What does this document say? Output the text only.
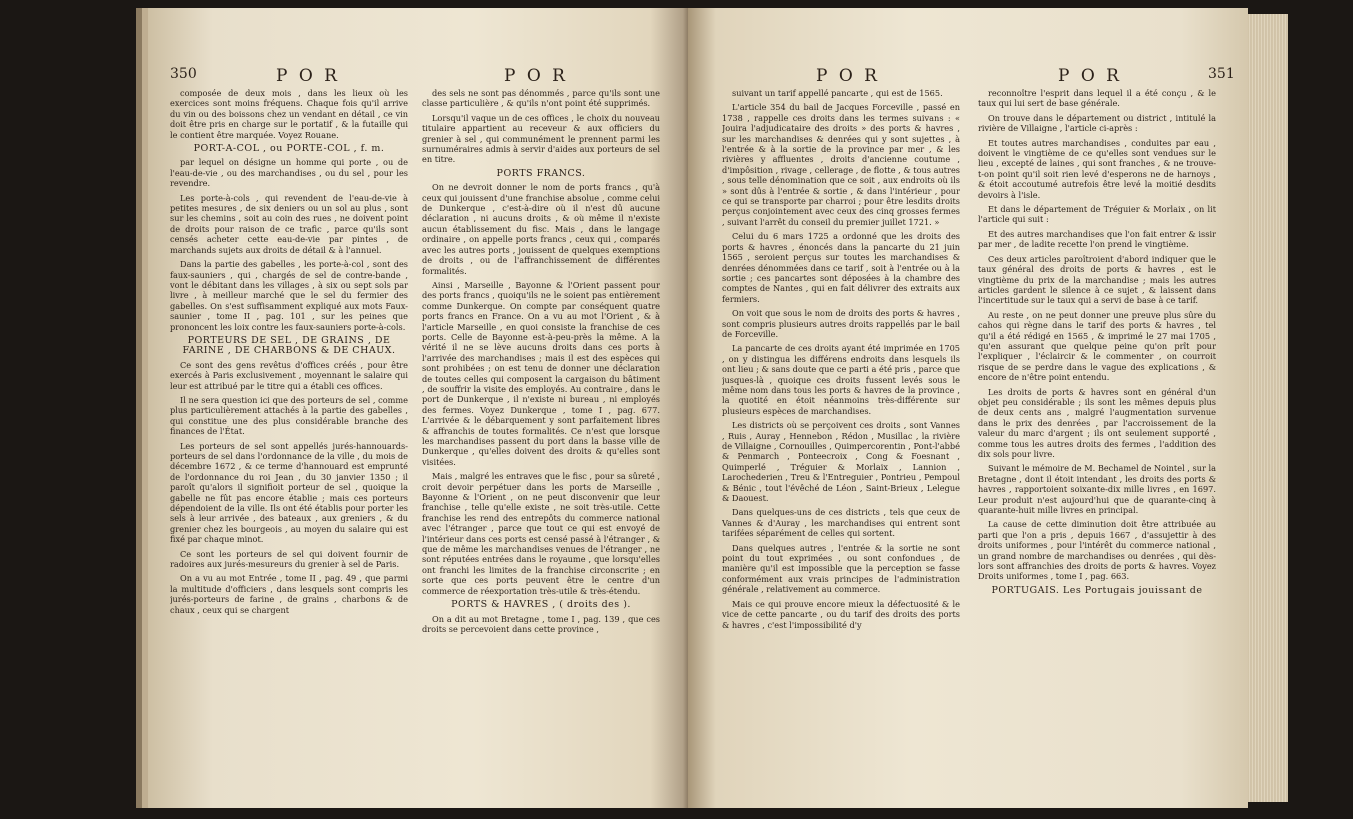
350	P O R	P O R

composée de deux mois , dans les lieux où les exercices sont moins fréquens. Chaque fois qu'il arrive du vin ou des boissons chez un vendant en détail , ce vin doit être pris en charge sur le portatif , & la futaille qui le contient être marquée. Voyez Rouane.

PORT-A-COL , ou PORTE-COL , f. m.

par lequel on désigne un homme qui porte , ou de l'eau-de-vie , ou des marchandises , ou du sel , pour les revendre.

Les porte-à-cols , qui revendent de l'eau-de-vie à petites mesures , de six deniers ou un sol au plus , sont sur les chemins , soit au coin des rues , ne doivent point de droits pour raison de ce trafic , parce qu'ils sont censés acheter cette eau-de-vie par pintes , de marchands sujets aux droits de détail & à l'annuel.

Dans la partie des gabelles , les porte-à-col , sont des faux-sauniers , qui , chargés de sel de contre-bande , vont le débitant dans les villages , à six ou sept sols par livre , à meilleur marché que le sel du fermier des gabelles. On s'est suffisamment expliqué aux mots Faux-saunier , tome II , pag. 101 , sur les peines que prononcent les loix contre les faux-sauniers porte-à-cols.

PORTEURS DE SEL , DE GRAINS , DE FARINE , DE CHARBONS & DE CHAUX.

Ce sont des gens revêtus d'offices créés , pour être exercés à Paris exclusivement , moyennant le salaire qui leur est attribué par le titre qui a établi ces offices.

Il ne sera question ici que des porteurs de sel , comme plus particulièrement attachés à la partie des gabelles , qui constitue une des plus considérable branche des finances de l'État.

Les porteurs de sel sont appellés jurés-hannouards-porteurs de sel dans l'ordonnance de la ville , du mois de décembre 1672 , & ce terme d'hannouard est emprunté de l'ordonnance du roi Jean , du 30 janvier 1350 ; il paroît qu'alors il signifioit porteur de sel , quoique la gabelle ne fût pas encore établie ; mais ces porteurs dépendoient de la ville. Ils ont été établis pour porter les sels à leur arrivée , des bateaux , aux greniers , & du grenier chez les bourgeois , au moyen du salaire qui est fixé par chaque minot.

Ce sont les porteurs de sel qui doivent fournir de radoires aux jurés-mesureurs du grenier à sel de Paris.

On a vu au mot Entrée , tome II , pag. 49 , que parmi la multitude d'officiers , dans lesquels sont compris les jurés-porteurs de farine , de grains , charbons & de chaux , ceux qui se chargent

des sels ne sont pas dénommés , parce qu'ils sont une classe particulière , & qu'ils n'ont point été supprimés.

Lorsqu'il vaque un de ces offices , le choix du nouveau titulaire appartient au receveur & aux officiers du grenier à sel , qui communément le prennent parmi les surnuméraires admis à servir d'aides aux porteurs de sel en titre.

PORTS FRANCS.

On ne devroit donner le nom de ports francs , qu'à ceux qui jouissent d'une franchise absolue , comme celui de Dunkerque , c'est-à-dire où il n'est dû aucune déclaration , ni aucuns droits , & où même il n'existe aucun établissement du fisc. Mais , dans le langage ordinaire , on appelle ports francs , ceux qui , comparés avec les autres ports , jouissent de quelques exemptions de droits , ou de l'affranchissement de différentes formalités.

Ainsi , Marseille , Bayonne & l'Orient passent pour des ports francs , quoiqu'ils ne le soient pas entièrement comme Dunkerque. On compte par conséquent quatre ports francs en France. On a vu au mot l'Orient , & à l'article Marseille , en quoi consiste la franchise de ces ports. Celle de Bayonne est-à-peu-près la même. A la vérité il ne se lève aucuns droits dans ces ports à l'arrivée des marchandises ; mais il est des espèces qui sont prohibées ; on est tenu de donner une déclaration de toutes celles qui composent la cargaison du bâtiment , de souffrir la visite des employés. Au contraire , dans le port de Dunkerque , il n'existe ni bureau , ni employés des fermes. Voyez Dunkerque , tome I , pag. 677. L'arrivée & le débarquement y sont parfaitement libres & affranchis de toutes formalités. Ce n'est que lorsque les marchandises passent du port dans la basse ville de Dunkerque , qu'elles doivent des droits & qu'elles sont visitées.

Mais , malgré les entraves que le fisc , pour sa sûreté , croit devoir perpétuer dans les ports de Marseille , Bayonne & l'Orient , on ne peut disconvenir que leur franchise , telle qu'elle existe , ne soit très-utile. Cette franchise les rend des entrepôts du commerce national avec l'étranger , parce que tout ce qui est envoyé de l'intérieur dans ces ports est censé passé à l'étranger , & que de même les marchandises venues de l'étranger , ne sont réputées entrées dans le royaume , que lorsqu'elles ont franchi les limites de la franchise circonscrite ; en sorte que ces ports peuvent être le centre d'un commerce de réexportation très-utile & très-étendu.

PORTS & HAVRES , ( droits des ).

On a dit au mot Bretagne , tome I , pag. 139 , que ces droits se percevoient dans cette province ,

P O R	P O R	351

suivant un tarif appellé pancarte , qui est de 1565.

L'article 354 du bail de Jacques Forceville , passé en 1738 , rappelle ces droits dans les termes suivans : « Jouira l'adjudicataire des droits » des ports & havres , sur les marchandises & denrées qui y sont sujettes , à l'entrée & à la sortie de la province par mer , & les rivières y affluentes , droits d'ancienne coutume , d'impôsition , rivage , cellerage , de flotte , & tous autres , sous telle dénomination que ce soit , aux endroits où ils » sont dûs à l'entrée & sortie , & dans l'intérieur , pour ce qui se transporte par charroi ; pour être lesdits droits perçus conjointement avec ceux des cinq grosses fermes , suivant l'arrêt du conseil du premier juillet 1721. »

Celui du 6 mars 1725 a ordonné que les droits des ports & havres , énoncés dans la pancarte du 21 juin 1565 , seroient perçus sur toutes les marchandises & denrées dénommées dans ce tarif , soit à l'entrée ou à la sortie ; ces pancartes sont déposées à la chambre des comptes de Nantes , qui en fait délivrer des extraits aux fermiers.

On voit que sous le nom de droits des ports & havres , sont compris plusieurs autres droits rappellés par le bail de Forceville.

La pancarte de ces droits ayant été imprimée en 1705 , on y distingua les différens endroits dans lesquels ils ont lieu ; & sans doute que ce parti a été pris , parce que jusques-là , quoique ces droits fussent levés sous le même nom dans tous les ports & havres de la province , la quotité en étoit néanmoins très-différente sur plusieurs espèces de marchandises.

Les districts où se perçoivent ces droits , sont Vannes , Ruis , Auray , Hennebon , Rédon , Musillac , la rivière de Villaigne , Cornouilles , Quimpercorentin , Pont-l'abbé & Penmarch , Ponteecroix , Cong & Foesnant , Quimperlé , Tréguier & Morlaix , Lannion , Larochederien , Treu & l'Entreguier , Pontrieu , Pempoul & Bénic , tout l'évêché de Léon , Saint-Brieux , Lelegue & Daouest.

Dans quelques-uns de ces districts , tels que ceux de Vannes & d'Auray , les marchandises qui entrent sont tarifées séparément de celles qui sortent.

Dans quelques autres , l'entrée & la sortie ne sont point du tout exprimées , ou sont confondues , de manière qu'il est impossible que la perception se fasse conformément aux vrais principes de l'administration générale , relativement au commerce.

Mais ce qui prouve encore mieux la défectuosité & le vice de cette pancarte , ou du tarif des droits des ports & havres , c'est l'impossibilité d'y

reconnoître l'esprit dans lequel il a été conçu , & le taux qui lui sert de base générale.

On trouve dans le département ou district , intitulé la rivière de Villaigne , l'article ci-après :

Et toutes autres marchandises , conduites par eau , doivent le vingtième de ce qu'elles sont vendues sur le lieu , excepté de laines , qui sont franches , & ne trouve-t-on point qu'il soit rien levé d'esperons ne de harnoys , & étoit accoutumé autrefois être levé la moitié desdits devoirs à l'isle.

Et dans le département de Tréguier & Morlaix , on lit l'article qui suit :

Et des autres marchandises que l'on fait entrer & issir par mer , de ladite recette l'on prend le vingtième.

Ces deux articles paroîtroient d'abord indiquer que le taux général des droits de ports & havres , est le vingtième du prix de la marchandise ; mais les autres articles gardent le silence à ce sujet , & laissent dans l'incertitude sur le taux qui a servi de base à ce tarif.

Au reste , on ne peut donner une preuve plus sûre du cahos qui règne dans le tarif des ports & havres , tel qu'il a été rédigé en 1565 , & imprimé le 27 mai 1705 , qu'en assurant que quelque peine qu'on prît pour l'expliquer , l'éclaircir & le commenter , on courroit risque de se perdre dans le vague des explications , & encore de n'être point entendu.

Les droits de ports & havres sont en général d'un objet peu considérable ; ils sont les mêmes depuis plus de deux cents ans , malgré l'augmentation survenue dans le prix des denrées , par l'accroissement de la valeur du marc d'argent ; ils ont seulement supporté , comme tous les autres droits des fermes , l'addition des dix sols pour livre.

Suivant le mémoire de M. Bechamel de Nointel , sur la Bretagne , dont il étoit intendant , les droits des ports & havres , rapportoient soixante-dix mille livres , en 1697. Leur produit n'est aujourd'hui que de quarante-cinq à quarante-huit mille livres en principal.

La cause de cette diminution doit être attribuée au parti que l'on a pris , depuis 1667 , d'assujettir à des droits uniformes , pour l'intérêt du commerce national , un grand nombre de marchandises ou denrées , qui dès-lors sont affranchies des droits de ports & havres. Voyez Droits uniformes , tome I , pag. 663.

PORTUGAIS. Les Portugais jouissant de
